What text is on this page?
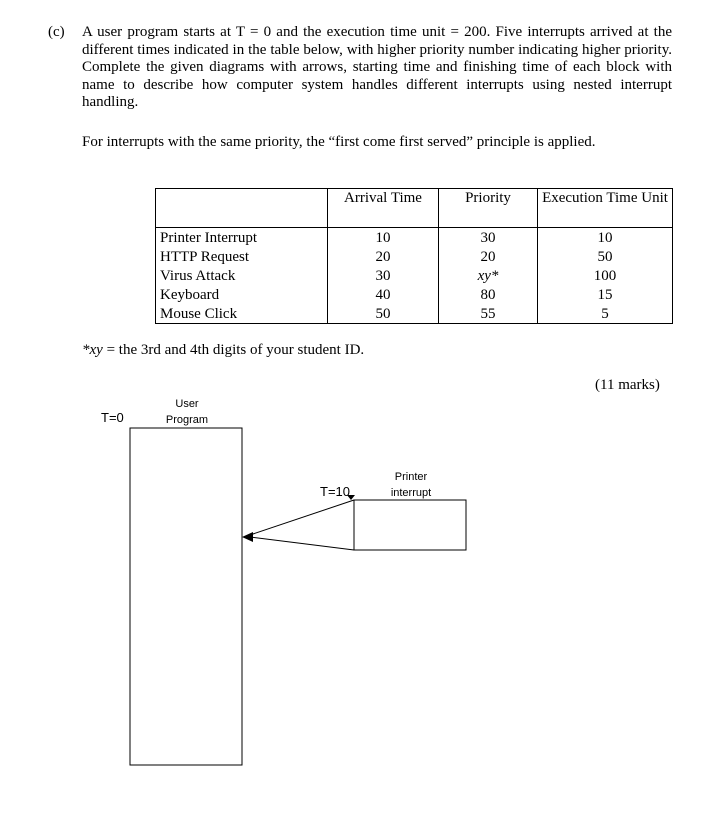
(c) A user program starts at T = 0 and the execution time unit = 200. Five interrupts arrived at the different times indicated in the table below, with higher priority number indicating higher priority. Complete the given diagrams with arrows, starting time and finishing time of each block with name to describe how computer system handles different interrupts using nested interrupt handling.
For interrupts with the same priority, the “first come first served” principle is applied.
	Arrival Time	Priority	Execution Time Unit
Printer Interrupt	10	30	10
HTTP Request	20	20	50
Virus Attack	30	xy*	100
Keyboard	40	80	15
Mouse Click	50	55	5
*xy = the 3rd and 4th digits of your student ID.
(11 marks)
T=0
User Program
T=10
Printer interrupt
